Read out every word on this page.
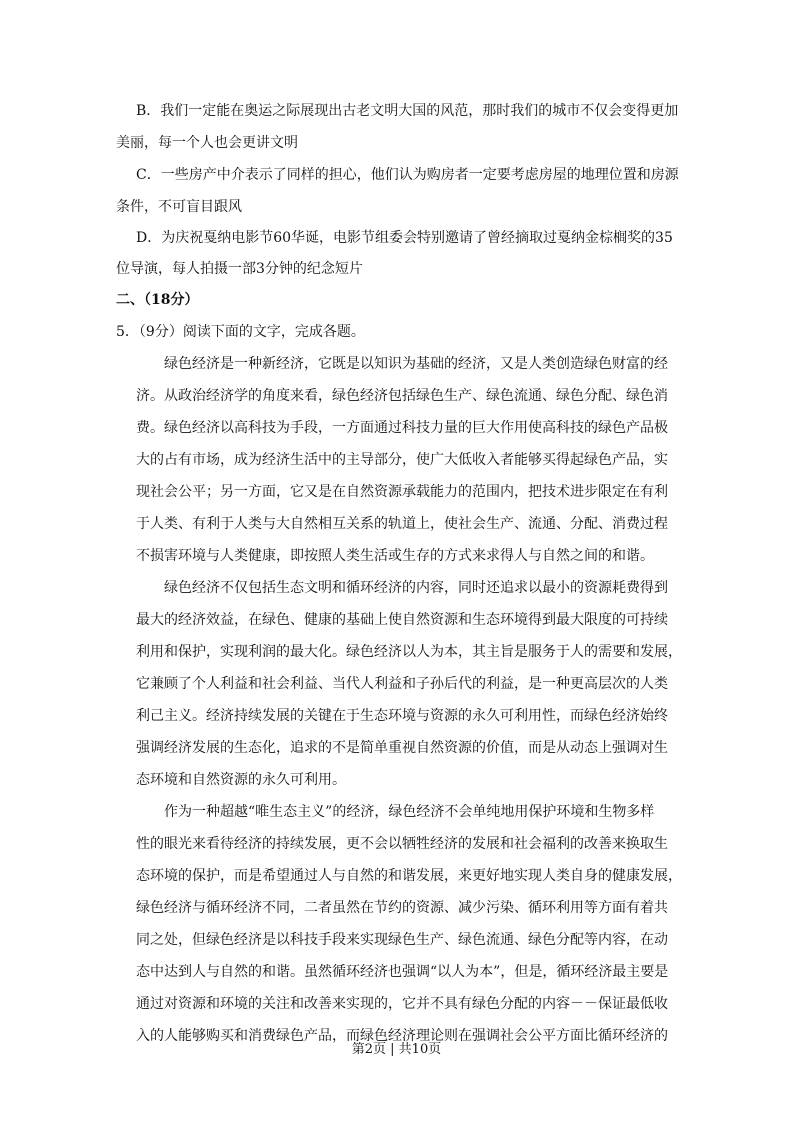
B．我们一定能在奥运之际展现出古老文明大国的风范，那时我们的城市不仅会变得更加
美丽，每一个人也会更讲文明
C．一些房产中介表示了同样的担心，他们认为购房者一定要考虑房屋的地理位置和房源
条件，不可盲目跟风
D．为庆祝戛纳电影节60华诞，电影节组委会特别邀请了曾经摘取过戛纳金棕榈奖的35
位导演，每人拍摄一部3分钟的纪念短片
二、（18分）
5．（9分）阅读下面的文字，完成各题。
绿色经济是一种新经济，它既是以知识为基础的经济，又是人类创造绿色财富的经
济。从政治经济学的角度来看，绿色经济包括绿色生产、绿色流通、绿色分配、绿色消
费。绿色经济以高科技为手段，一方面通过科技力量的巨大作用使高科技的绿色产品极
大的占有市场，成为经济生活中的主导部分，使广大低收入者能够买得起绿色产品，实
现社会公平；另一方面，它又是在自然资源承载能力的范围内，把技术进步限定在有利
于人类、有利于人类与大自然相互关系的轨道上，使社会生产、流通、分配、消费过程
不损害环境与人类健康，即按照人类生活或生存的方式来求得人与自然之间的和谐。
绿色经济不仅包括生态文明和循环经济的内容，同时还追求以最小的资源耗费得到
最大的经济效益，在绿色、健康的基础上使自然资源和生态环境得到最大限度的可持续
利用和保护，实现利润的最大化。绿色经济以人为本，其主旨是服务于人的需要和发展，
它兼顾了个人利益和社会利益、当代人利益和子孙后代的利益，是一种更高层次的人类
利己主义。经济持续发展的关键在于生态环境与资源的永久可利用性，而绿色经济始终
强调经济发展的生态化，追求的不是简单重视自然资源的价值，而是从动态上强调对生
态环境和自然资源的永久可利用。
作为一种超越“唯生态主义”的经济，绿色经济不会单纯地用保护环境和生物多样
性的眼光来看待经济的持续发展，更不会以牺牲经济的发展和社会福利的改善来换取生
态环境的保护，而是希望通过人与自然的和谐发展，来更好地实现人类自身的健康发展，
绿色经济与循环经济不同，二者虽然在节约的资源、减少污染、循环利用等方面有着共
同之处，但绿色经济是以科技手段来实现绿色生产、绿色流通、绿色分配等内容，在动
态中达到人与自然的和谐。虽然循环经济也强调“以人为本”，但是，循环经济最主要是
通过对资源和环境的关注和改善来实现的，它并不具有绿色分配的内容－－保证最低收
入的人能够购买和消费绿色产品，而绿色经济理论则在强调社会公平方面比循环经济的
第2页 | 共10页
